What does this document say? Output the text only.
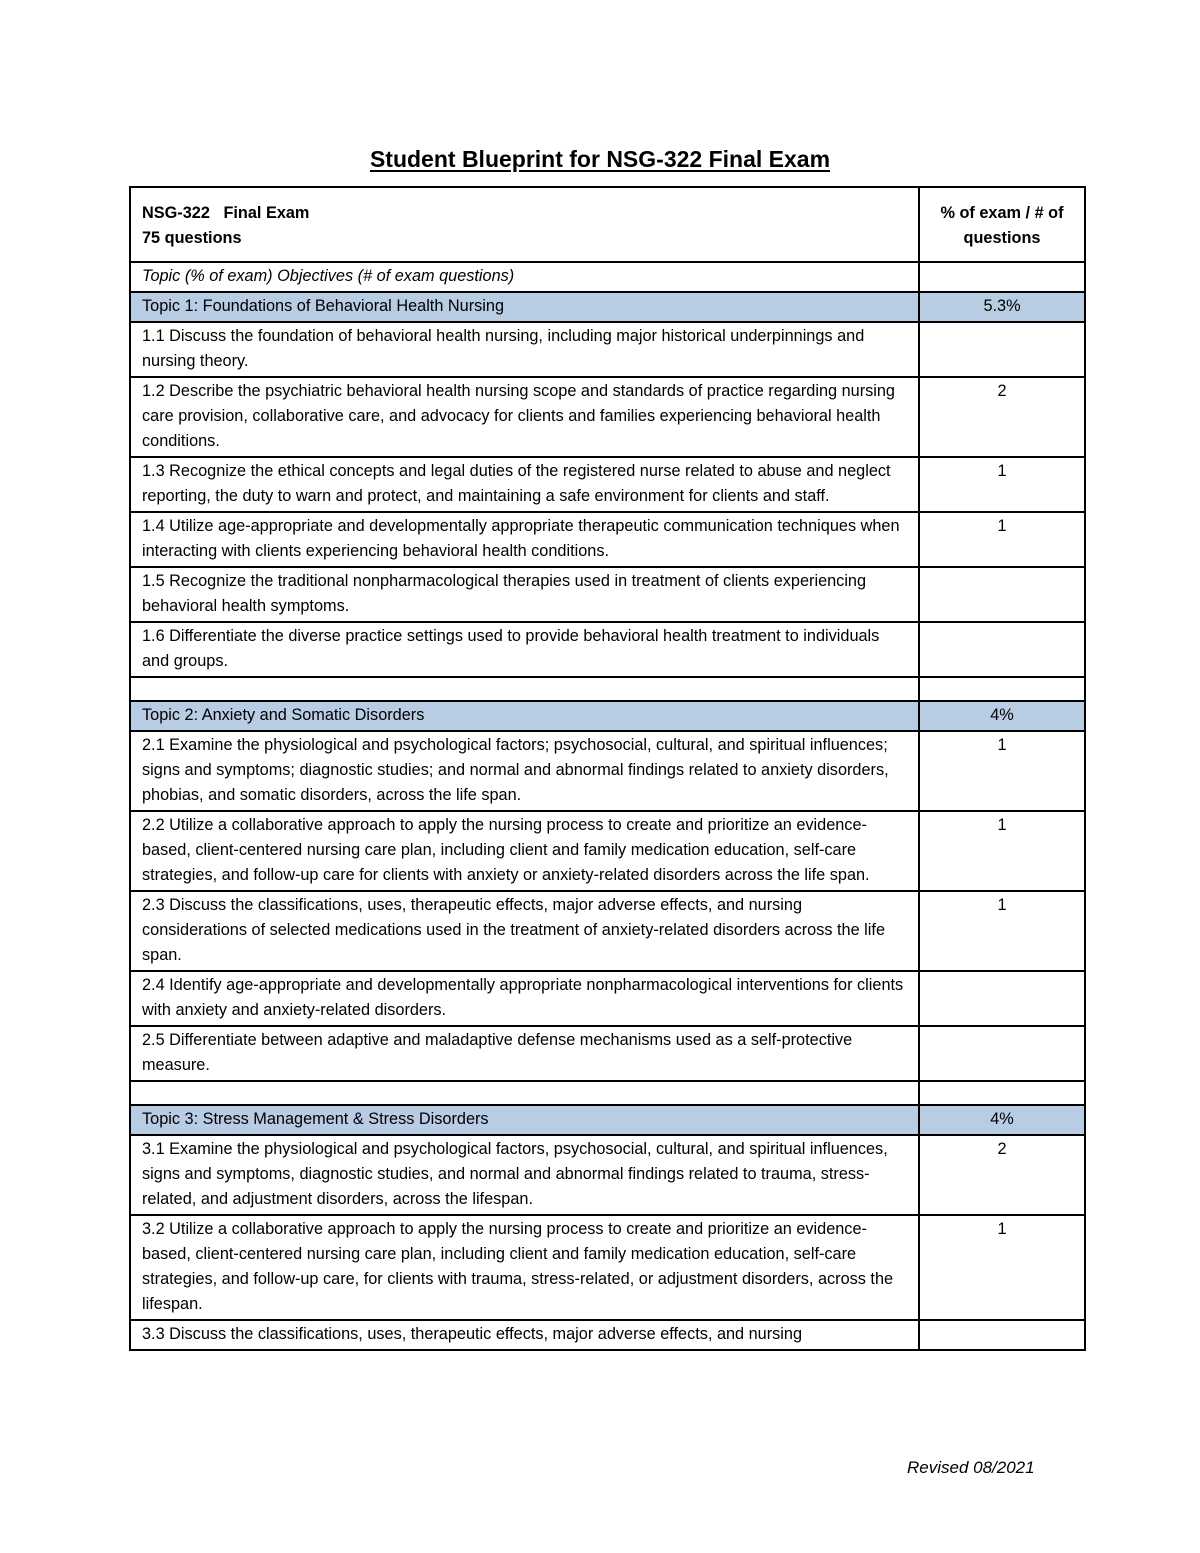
Student Blueprint for NSG-322 Final Exam
NSG-322   Final Exam
75 questions	% of exam / # of questions
Topic (% of exam) Objectives (# of exam questions)	
Topic 1: Foundations of Behavioral Health Nursing	5.3%
1.1 Discuss the foundation of behavioral health nursing, including major historical underpinnings and nursing theory.	
1.2 Describe the psychiatric behavioral health nursing scope and standards of practice regarding nursing care provision, collaborative care, and advocacy for clients and families experiencing behavioral health conditions.	2
1.3 Recognize the ethical concepts and legal duties of the registered nurse related to abuse and neglect reporting, the duty to warn and protect, and maintaining a safe environment for clients and staff.	1
1.4 Utilize age-appropriate and developmentally appropriate therapeutic communication techniques when interacting with clients experiencing behavioral health conditions.	1
1.5 Recognize the traditional nonpharmacological therapies used in treatment of clients experiencing behavioral health symptoms.	
1.6 Differentiate the diverse practice settings used to provide behavioral health treatment to individuals and groups.	

Topic 2: Anxiety and Somatic Disorders	4%
2.1 Examine the physiological and psychological factors; psychosocial, cultural, and spiritual influences; signs and symptoms; diagnostic studies; and normal and abnormal findings related to anxiety disorders, phobias, and somatic disorders, across the life span.	1
2.2 Utilize a collaborative approach to apply the nursing process to create and prioritize an evidence-based, client-centered nursing care plan, including client and family medication education, self-care strategies, and follow-up care for clients with anxiety or anxiety-related disorders across the life span.	1
2.3 Discuss the classifications, uses, therapeutic effects, major adverse effects, and nursing considerations of selected medications used in the treatment of anxiety-related disorders across the life span.	1
2.4 Identify age-appropriate and developmentally appropriate nonpharmacological interventions for clients with anxiety and anxiety-related disorders.	
2.5 Differentiate between adaptive and maladaptive defense mechanisms used as a self-protective measure.	

Topic 3: Stress Management & Stress Disorders	4%
3.1 Examine the physiological and psychological factors, psychosocial, cultural, and spiritual influences, signs and symptoms, diagnostic studies, and normal and abnormal findings related to trauma, stress-related, and adjustment disorders, across the lifespan.	2
3.2 Utilize a collaborative approach to apply the nursing process to create and prioritize an evidence-based, client-centered nursing care plan, including client and family medication education, self-care strategies, and follow-up care, for clients with trauma, stress-related, or adjustment disorders, across the lifespan.	1
3.3 Discuss the classifications, uses, therapeutic effects, major adverse effects, and nursing	
Revised 08/2021
